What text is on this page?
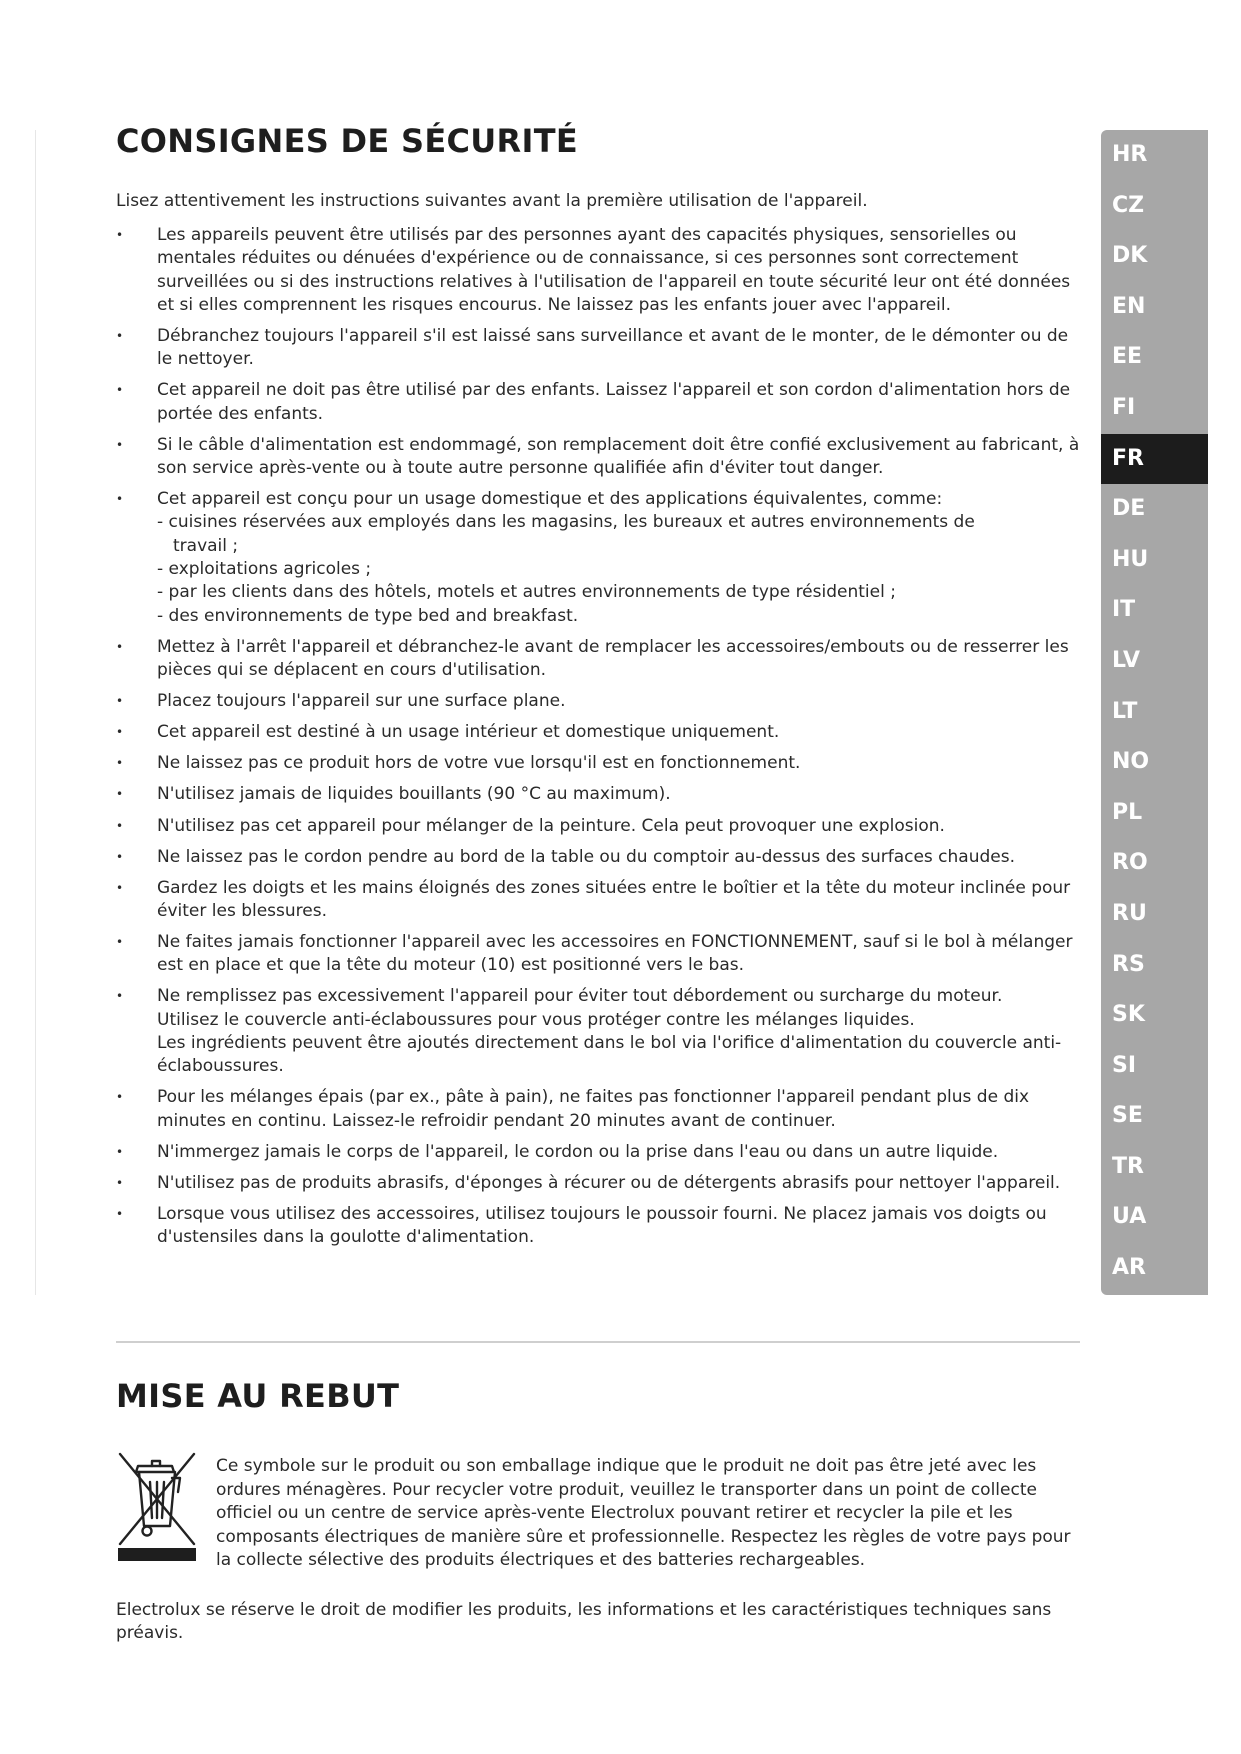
CONSIGNES DE SÉCURITÉ

Lisez attentivement les instructions suivantes avant la première utilisation de l'appareil.

• Les appareils peuvent être utilisés par des personnes ayant des capacités physiques, sensorielles ou mentales réduites ou dénuées d'expérience ou de connaissance, si ces personnes sont correctement surveillées ou si des instructions relatives à l'utilisation de l'appareil en toute sécurité leur ont été données et si elles comprennent les risques encourus. Ne laissez pas les enfants jouer avec l'appareil.
• Débranchez toujours l'appareil s'il est laissé sans surveillance et avant de le monter, de le démonter ou de le nettoyer.
• Cet appareil ne doit pas être utilisé par des enfants. Laissez l'appareil et son cordon d'alimentation hors de portée des enfants.
• Si le câble d'alimentation est endommagé, son remplacement doit être confié exclusivement au fabricant, à son service après-vente ou à toute autre personne qualifiée afin d'éviter tout danger.
• Cet appareil est conçu pour un usage domestique et des applications équivalentes, comme:
- cuisines réservées aux employés dans les magasins, les bureaux et autres environnements de
travail ;
- exploitations agricoles ;
- par les clients dans des hôtels, motels et autres environnements de type résidentiel ;
- des environnements de type bed and breakfast.
• Mettez à l'arrêt l'appareil et débranchez-le avant de remplacer les accessoires/embouts ou de resserrer les pièces qui se déplacent en cours d'utilisation.
• Placez toujours l'appareil sur une surface plane.
• Cet appareil est destiné à un usage intérieur et domestique uniquement.
• Ne laissez pas ce produit hors de votre vue lorsqu'il est en fonctionnement.
• N'utilisez jamais de liquides bouillants (90 °C au maximum).
• N'utilisez pas cet appareil pour mélanger de la peinture. Cela peut provoquer une explosion.
• Ne laissez pas le cordon pendre au bord de la table ou du comptoir au-dessus des surfaces chaudes.
• Gardez les doigts et les mains éloignés des zones situées entre le boîtier et la tête du moteur inclinée pour éviter les blessures.
• Ne faites jamais fonctionner l'appareil avec les accessoires en FONCTIONNEMENT, sauf si le bol à mélanger est en place et que la tête du moteur (10) est positionné vers le bas.
• Ne remplissez pas excessivement l'appareil pour éviter tout débordement ou surcharge du moteur.
Utilisez le couvercle anti-éclaboussures pour vous protéger contre les mélanges liquides.
Les ingrédients peuvent être ajoutés directement dans le bol via l'orifice d'alimentation du couvercle anti-éclaboussures.
• Pour les mélanges épais (par ex., pâte à pain), ne faites pas fonctionner l'appareil pendant plus de dix minutes en continu. Laissez-le refroidir pendant 20 minutes avant de continuer.
• N'immergez jamais le corps de l'appareil, le cordon ou la prise dans l'eau ou dans un autre liquide.
• N'utilisez pas de produits abrasifs, d'éponges à récurer ou de détergents abrasifs pour nettoyer l'appareil.
• Lorsque vous utilisez des accessoires, utilisez toujours le poussoir fourni. Ne placez jamais vos doigts ou d'ustensiles dans la goulotte d'alimentation.
MISE AU REBUT

Ce symbole sur le produit ou son emballage indique que le produit ne doit pas être jeté avec les ordures ménagères. Pour recycler votre produit, veuillez le transporter dans un point de collecte officiel ou un centre de service après-vente Electrolux pouvant retirer et recycler la pile et les composants électriques de manière sûre et professionnelle. Respectez les règles de votre pays pour la collecte sélective des produits électriques et des batteries rechargeables.

Electrolux se réserve le droit de modifier les produits, les informations et les caractéristiques techniques sans préavis.

HR
CZ
DK
EN
EE
FI
FR
DE
HU
IT
LV
LT
NO
PL
RO
RU
RS
SK
SI
SE
TR
UA
AR
